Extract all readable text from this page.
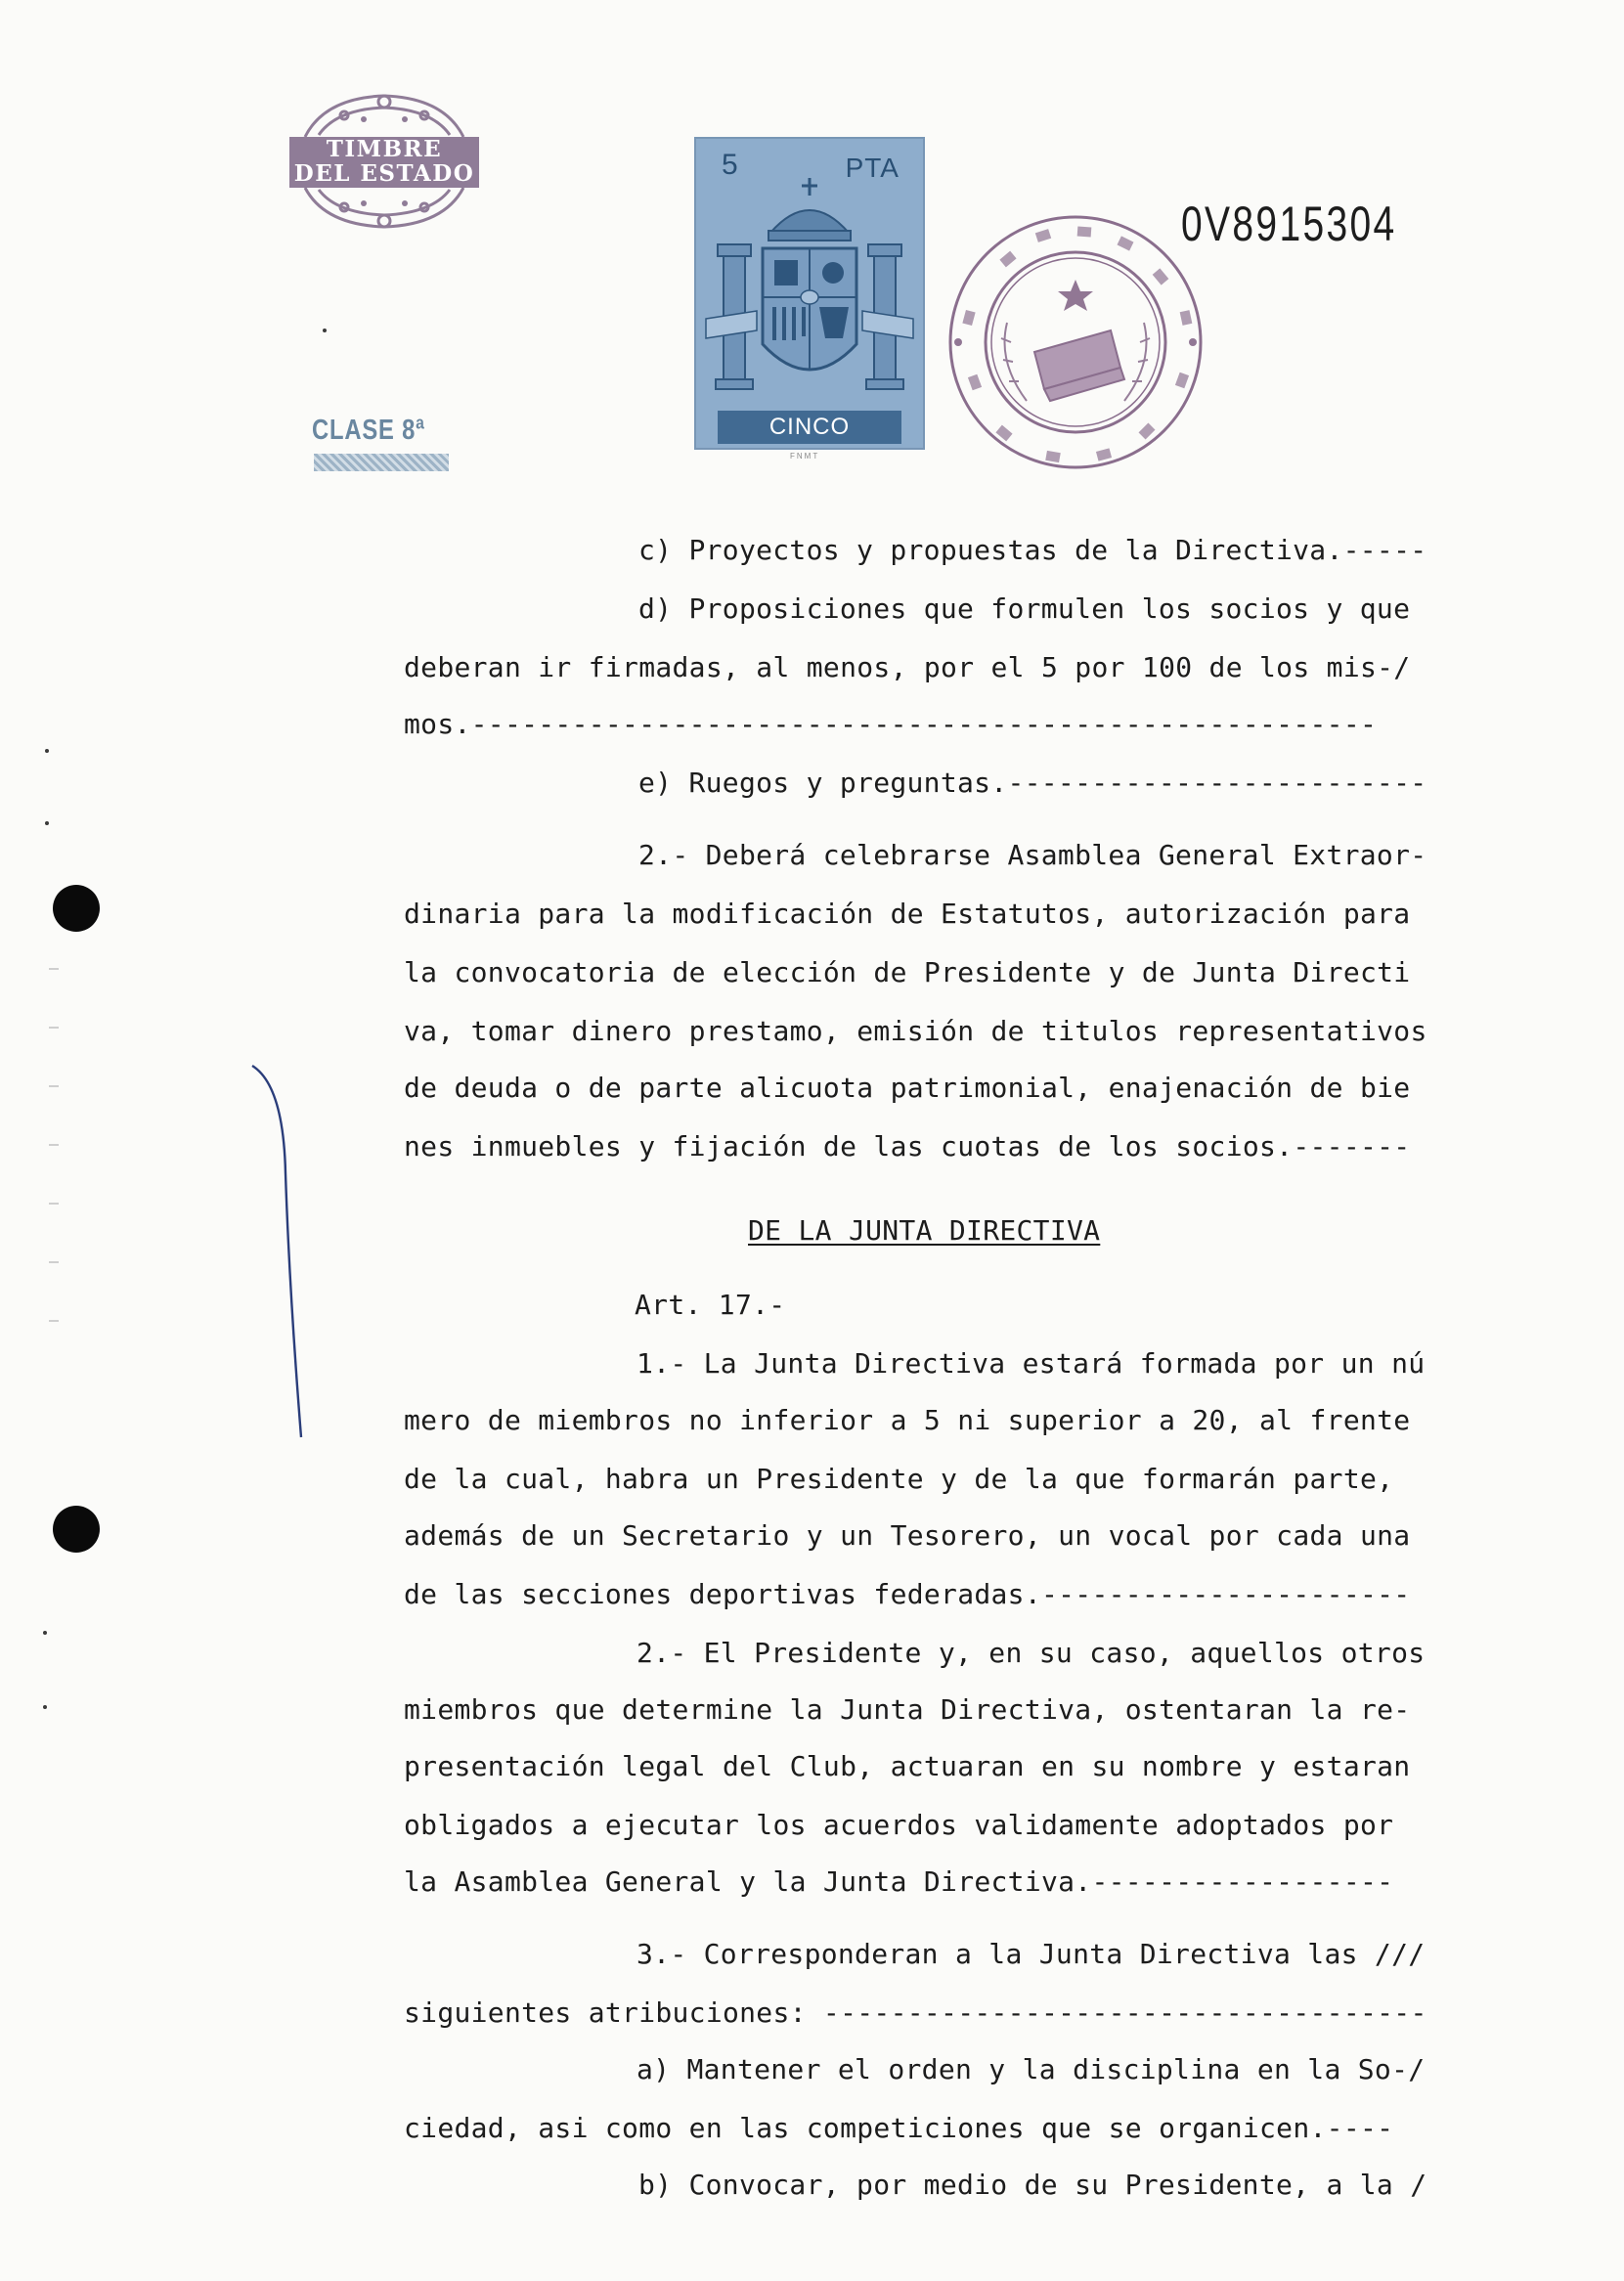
TIMBRE
DEL ESTADO
CLASE 8ª
5	PTA
CINCO
FNMT
0V8915304
c) Proyectos y propuestas de la Directiva.-----
d) Proposiciones que formulen los socios y que
deberan ir firmadas, al menos, por el 5 por 100 de los mis-/
mos.------------------------------------------------------
e) Ruegos y preguntas.-------------------------
2.- Deberá celebrarse Asamblea General Extraor-
dinaria para la modificación de Estatutos, autorización para
la convocatoria de elección de Presidente y de Junta Directi
va, tomar dinero prestamo, emisión de titulos representativos
de deuda o de parte alicuota patrimonial, enajenación de bie
nes inmuebles y fijación de las cuotas de los socios.-------
DE LA JUNTA DIRECTIVA
Art. 17.-
1.- La Junta Directiva estará formada por un nú
mero de miembros no inferior a 5 ni superior a 20, al frente
de la cual, habra un Presidente y de la que formarán parte,
además de un Secretario y un Tesorero, un vocal por cada una
de las secciones deportivas federadas.----------------------
2.- El Presidente y, en su caso, aquellos otros
miembros que determine la Junta Directiva, ostentaran la re-
presentación legal del Club, actuaran en su nombre y estaran
obligados a ejecutar los acuerdos validamente adoptados por
la Asamblea General y la Junta Directiva.------------------
3.- Corresponderan a la Junta Directiva las ///
siguientes atribuciones: ------------------------------------
a) Mantener el orden y la disciplina en la So-/
ciedad, asi como en las competiciones que se organicen.----
b) Convocar, por medio de su Presidente, a la /
